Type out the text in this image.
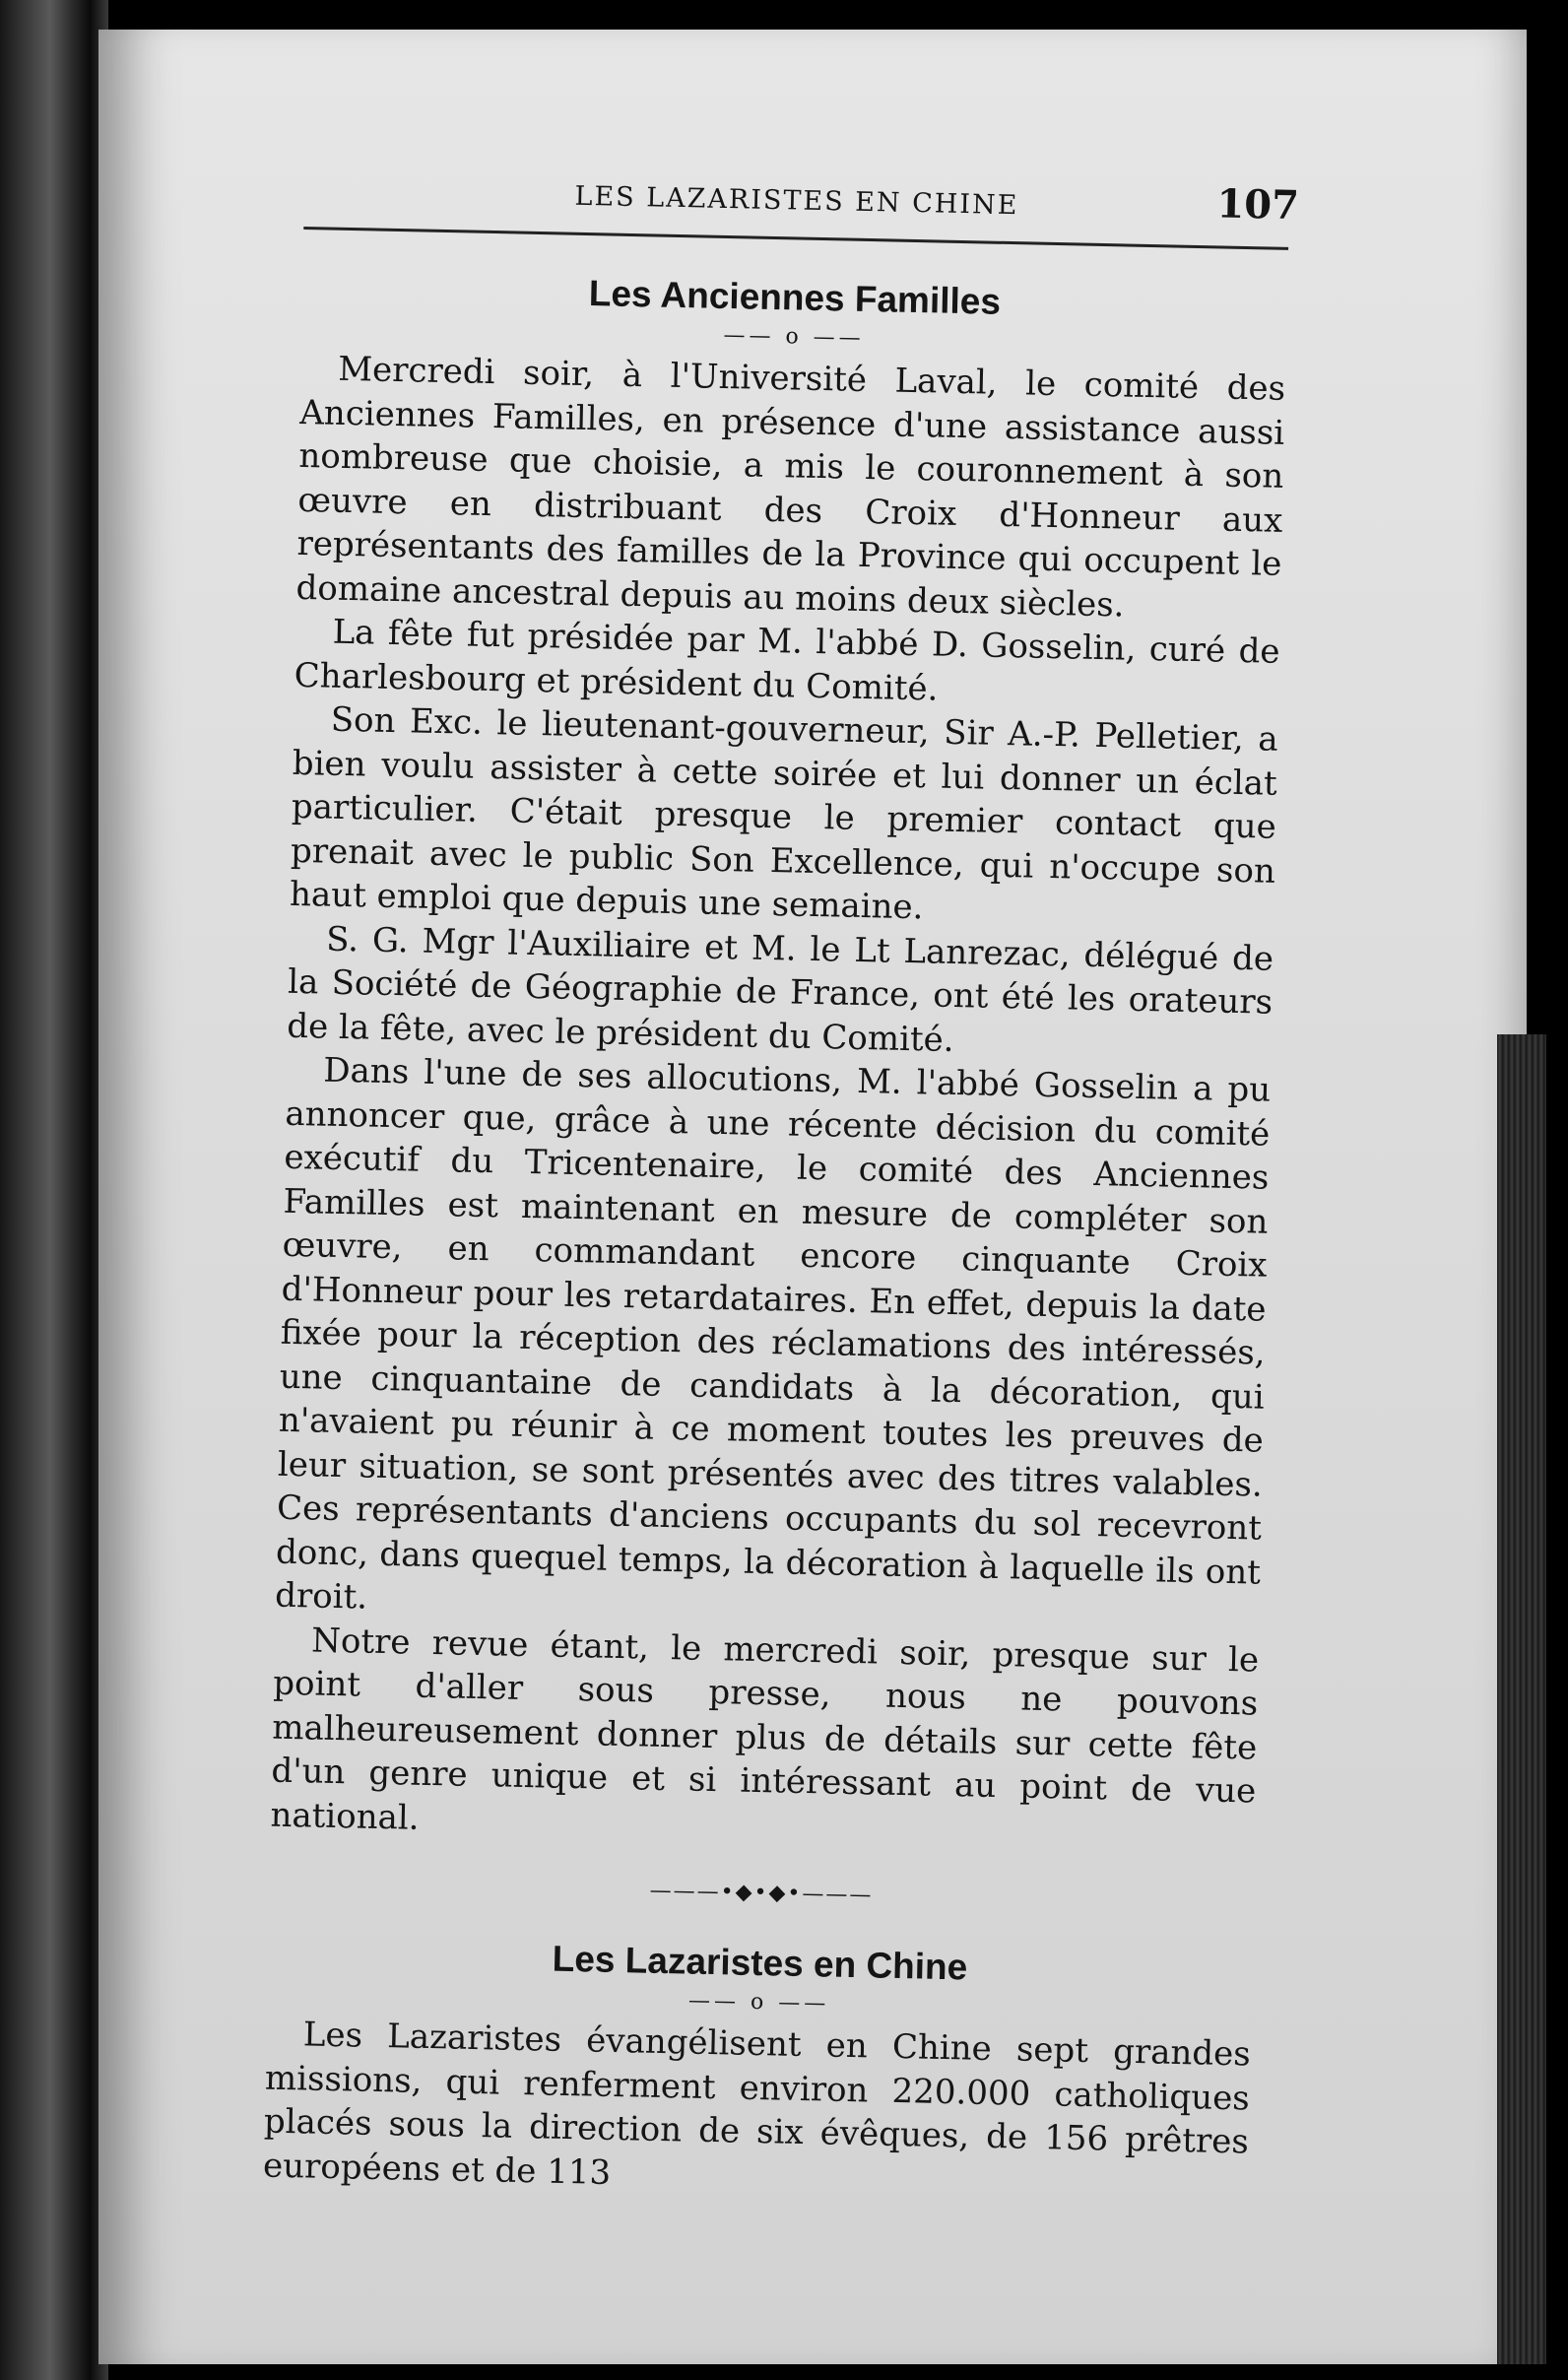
LES LAZARISTES EN CHINE	107
Les Anciennes Familles
—— o ——

Mercredi soir, à l'Université Laval, le comité des Anciennes Familles, en présence d'une assistance aussi nombreuse que choisie, a mis le couronnement à son œuvre en distribuant des Croix d'Honneur aux représentants des familles de la Province qui occupent le domaine ancestral depuis au moins deux siècles.

La fête fut présidée par M. l'abbé D. Gosselin, curé de Charlesbourg et président du Comité.

Son Exc. le lieutenant-gouverneur, Sir A.-P. Pelletier, a bien voulu assister à cette soirée et lui donner un éclat particulier. C'était presque le premier contact que prenait avec le public Son Excellence, qui n'occupe son haut emploi que depuis une semaine.

S. G. Mgr l'Auxiliaire et M. le Lt Lanrezac, délégué de la Société de Géographie de France, ont été les orateurs de la fête, avec le président du Comité.

Dans l'une de ses allocutions, M. l'abbé Gosselin a pu annoncer que, grâce à une récente décision du comité exécutif du Tricentenaire, le comité des Anciennes Familles est maintenant en mesure de compléter son œuvre, en commandant encore cinquante Croix d'Honneur pour les retardataires. En effet, depuis la date fixée pour la réception des réclamations des intéressés, une cinquantaine de candidats à la décoration, qui n'avaient pu réunir à ce moment toutes les preuves de leur situation, se sont présentés avec des titres valables. Ces représentants d'anciens occupants du sol recevront donc, dans quequel temps, la décoration à laquelle ils ont droit.

Notre revue étant, le mercredi soir, presque sur le point d'aller sous presse, nous ne pouvons malheureusement donner plus de détails sur cette fête d'un genre unique et si intéressant au point de vue national.

———•◆•◆•———
Les Lazaristes en Chine
—— o ——

Les Lazaristes évangélisent en Chine sept grandes missions, qui renferment environ 220.000 catholiques placés sous la direction de six évêques, de 156 prêtres européens et de 113
